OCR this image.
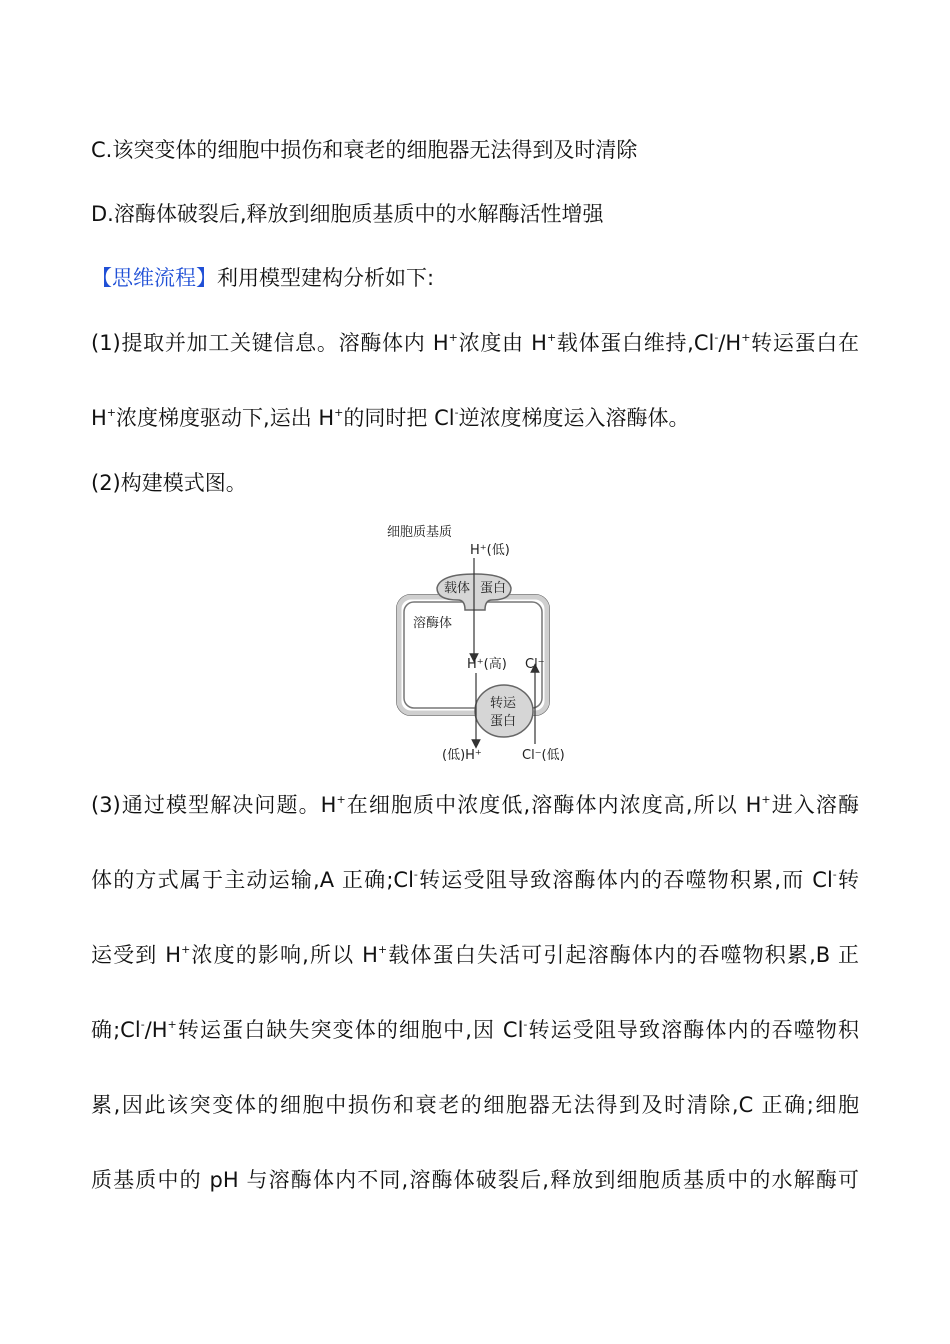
C.该突变体的细胞中损伤和衰老的细胞器无法得到及时清除
D.溶酶体破裂后,释放到细胞质基质中的水解酶活性增强
【思维流程】利用模型建构分析如下:
(1)提取并加工关键信息。溶酶体内 H+浓度由 H+载体蛋白维持,Cl-/H+转运蛋白在
H+浓度梯度驱动下,运出 H+的同时把 Cl-逆浓度梯度运入溶酶体。
(2)构建模式图。
细胞质基质
H⁺(低)
载体 蛋白
溶酶体
H⁺(高) Cl⁻
转运
蛋白
(低)H⁺	Cl⁻(低)
(3)通过模型解决问题。H+在细胞质中浓度低,溶酶体内浓度高,所以 H+进入溶酶
体的方式属于主动运输,A 正确;Cl-转运受阻导致溶酶体内的吞噬物积累,而 Cl-转
运受到 H+浓度的影响,所以 H+载体蛋白失活可引起溶酶体内的吞噬物积累,B 正
确;Cl-/H+转运蛋白缺失突变体的细胞中,因 Cl-转运受阻导致溶酶体内的吞噬物积
累,因此该突变体的细胞中损伤和衰老的细胞器无法得到及时清除,C 正确;细胞
质基质中的 pH 与溶酶体内不同,溶酶体破裂后,释放到细胞质基质中的水解酶可
